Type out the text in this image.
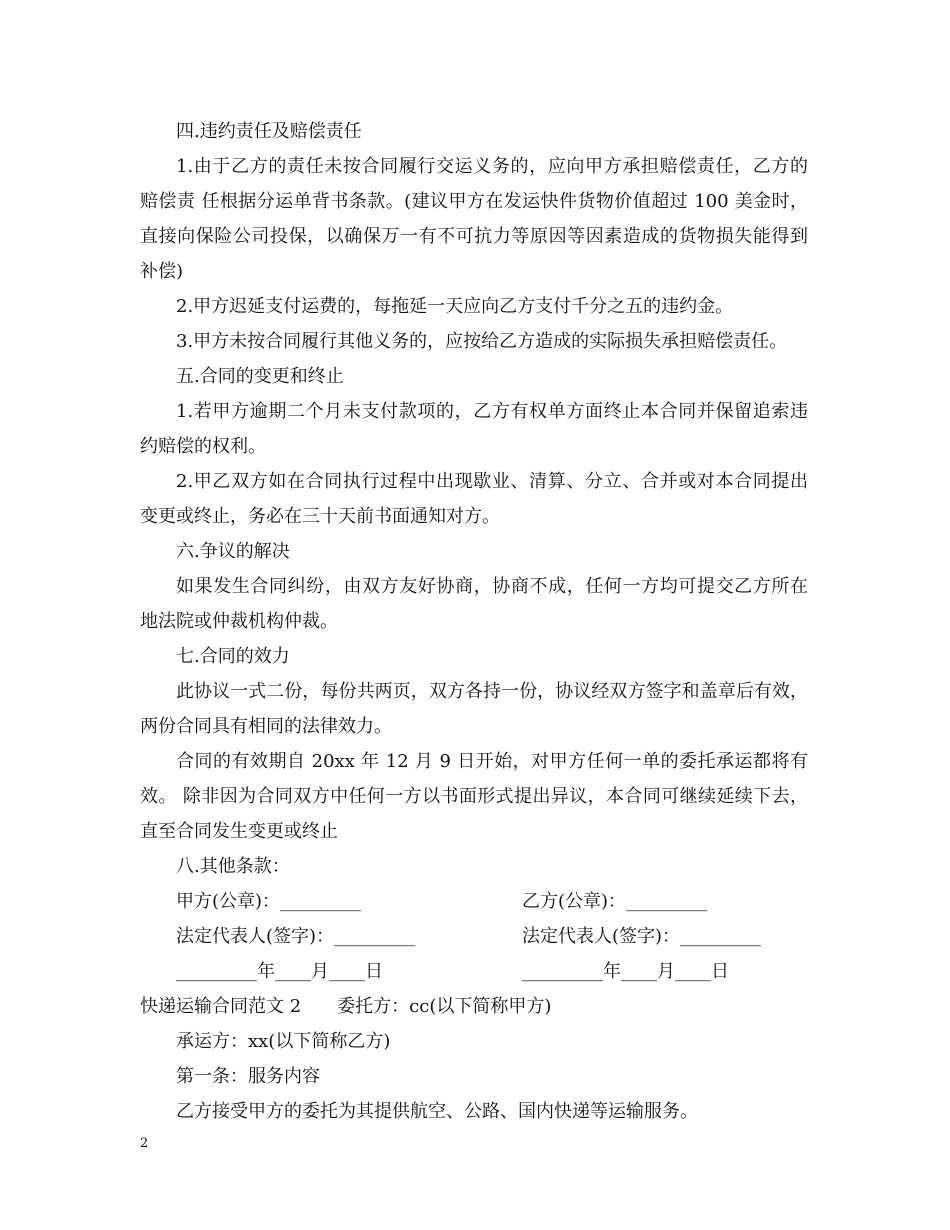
四.违约责任及赔偿责任
1.由于乙方的责任未按合同履行交运义务的，应向甲方承担赔偿责任，乙方的
赔偿责 任根据分运单背书条款。(建议甲方在发运快件货物价值超过 100 美金时，
直接向保险公司投保，以确保万一有不可抗力等原因等因素造成的货物损失能得到
补偿)
2.甲方迟延支付运费的，每拖延一天应向乙方支付千分之五的违约金。
3.甲方未按合同履行其他义务的，应按给乙方造成的实际损失承担赔偿责任。
五.合同的变更和终止
1.若甲方逾期二个月未支付款项的，乙方有权单方面终止本合同并保留追索违
约赔偿的权利。
2.甲乙双方如在合同执行过程中出现歇业、清算、分立、合并或对本合同提出
变更或终止，务必在三十天前书面通知对方。
六.争议的解决
如果发生合同纠纷，由双方友好协商，协商不成，任何一方均可提交乙方所在
地法院或仲裁机构仲裁。
七.合同的效力
此协议一式二份，每份共两页，双方各持一份，协议经双方签字和盖章后有效，
两份合同具有相同的法律效力。
合同的有效期自 20xx 年 12 月 9 日开始，对甲方任何一单的委托承运都将有
效。 除非因为合同双方中任何一方以书面形式提出异议，本合同可继续延续下去，
直至合同发生变更或终止
八.其他条款：
甲方(公章)：_________	乙方(公章)：_________
法定代表人(签字)：_________	法定代表人(签字)：_________
_________年____月____日	_________年____月____日
快递运输合同范文 2　　委托方：cc(以下简称甲方)
承运方：xx(以下简称乙方)
第一条：服务内容
乙方接受甲方的委托为其提供航空、公路、国内快递等运输服务。
2
